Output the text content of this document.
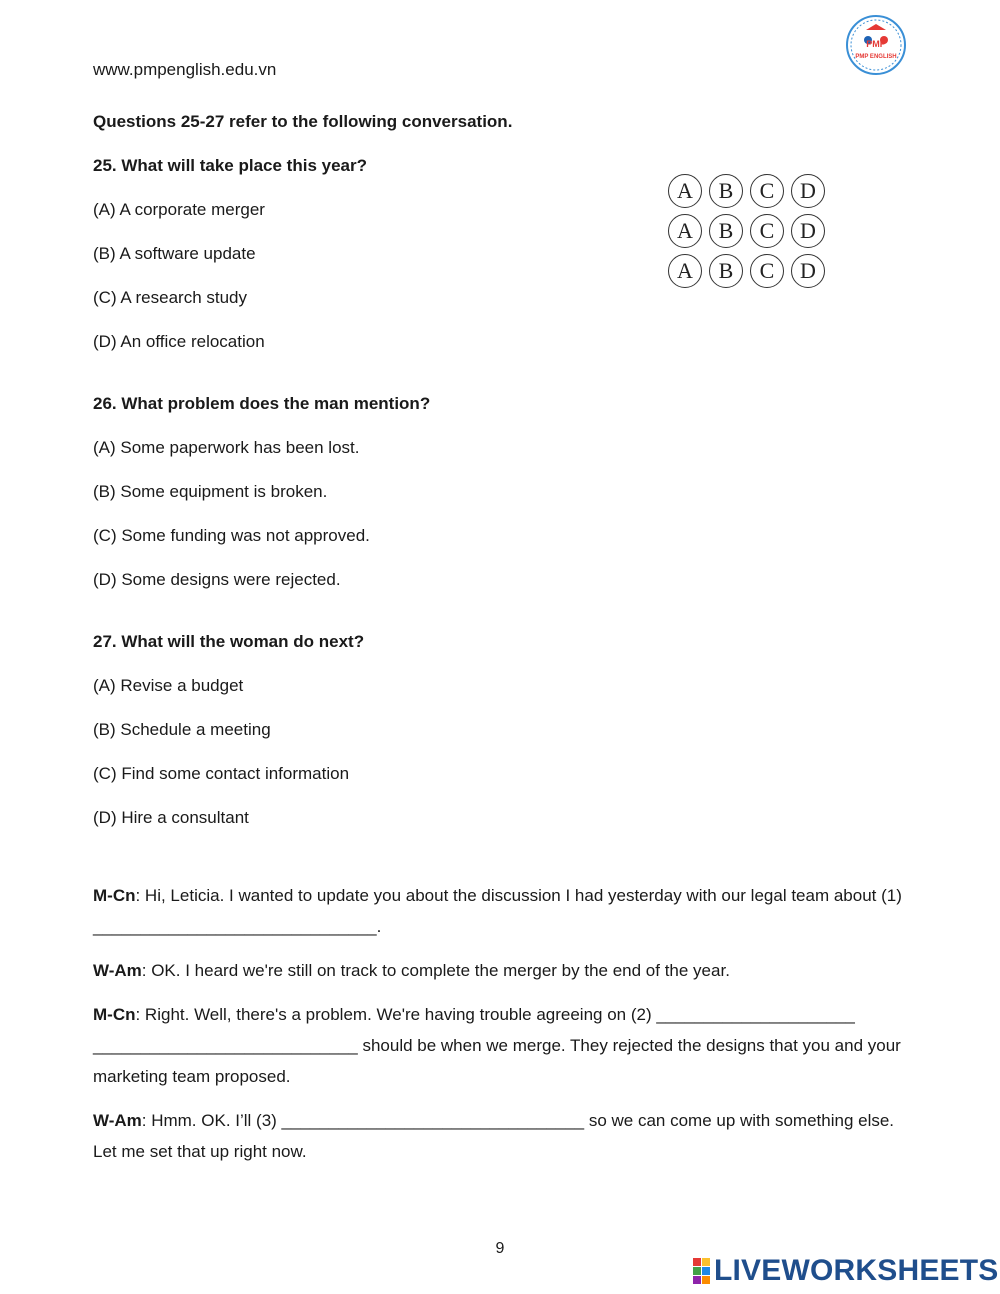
www.pmpenglish.edu.vn
PMP
PMP ENGLISH
Questions 25-27 refer to the following conversation.
25. What will take place this year?
(A) A corporate merger
(B) A software update
(C) A research study
(D) An office relocation
A	B	C	D
A	B	C	D
A	B	C	D
26. What problem does the man mention?
(A) Some paperwork has been lost.
(B) Some equipment is broken.
(C) Some funding was not approved.
(D) Some designs were rejected.
27. What will the woman do next?
(A) Revise a budget
(B) Schedule a meeting
(C) Find some contact information
(D) Hire a consultant

M-Cn: Hi, Leticia. I wanted to update you about the discussion I had yesterday with our legal team about (1) ______________________________.

W-Am: OK. I heard we're still on track to complete the merger by the end of the year.

M-Cn: Right. Well, there's a problem. We're having trouble agreeing on (2) _____________________ ____________________________ should be when we merge. They rejected the designs that you and your marketing team proposed.

W-Am: Hmm. OK. I’ll (3) ________________________________ so we can come up with something else. Let me set that up right now.

9
LIVEWORKSHEETS
